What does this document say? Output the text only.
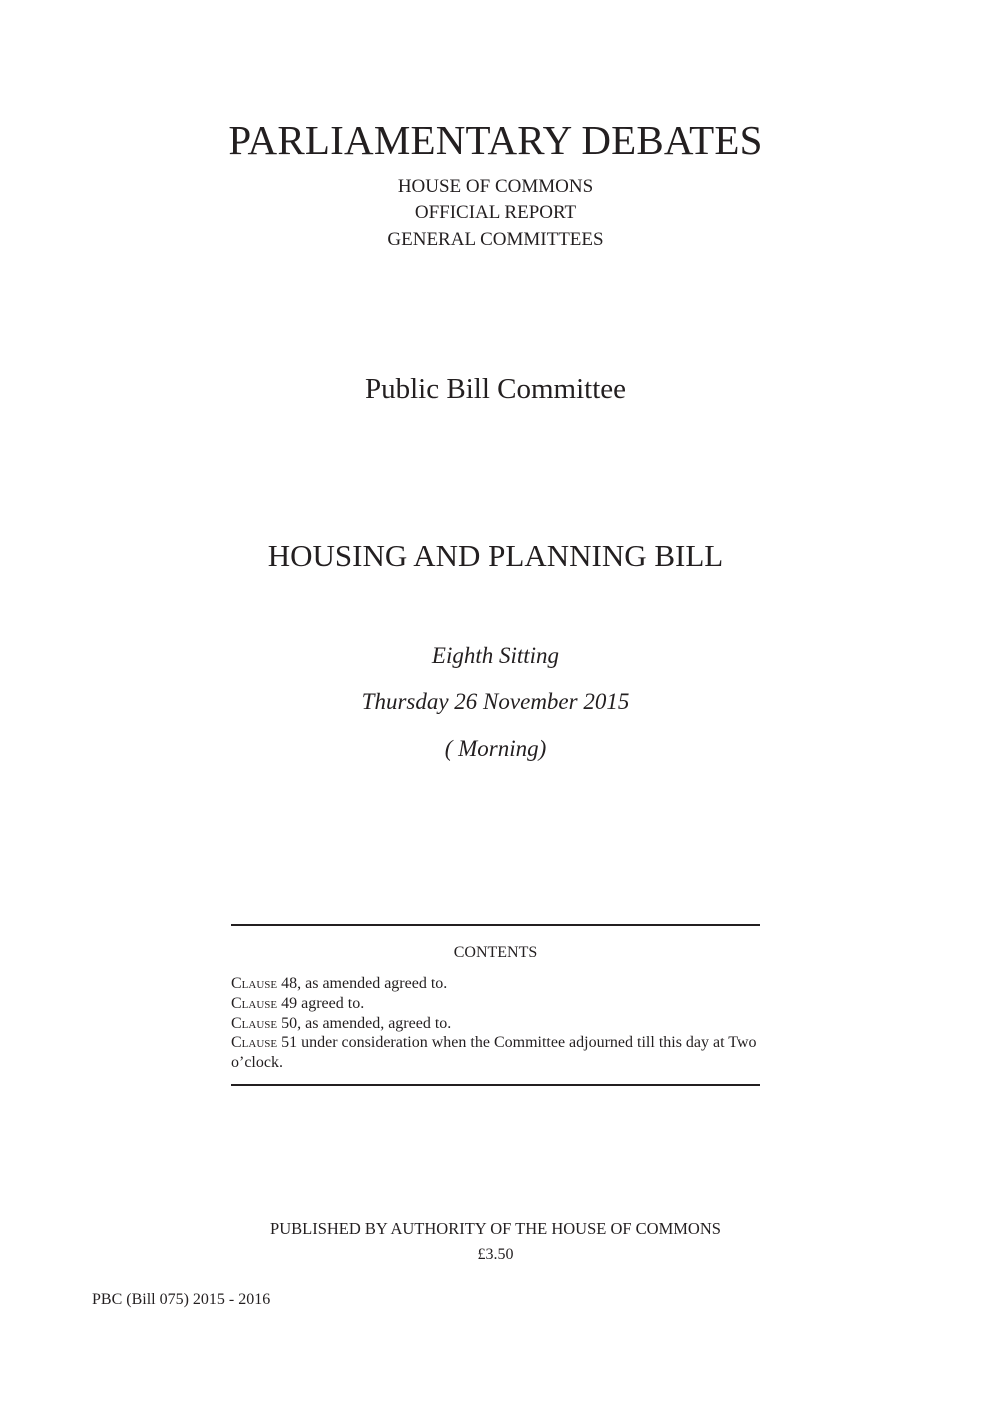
PARLIAMENTARY DEBATES
HOUSE OF COMMONS
OFFICIAL REPORT
GENERAL COMMITTEES
Public Bill Committee
HOUSING AND PLANNING BILL
Eighth Sitting
Thursday 26 November 2015
( Morning)
CONTENTS
Clause 48, as amended agreed to.
Clause 49 agreed to.
Clause 50, as amended, agreed to.
Clause 51 under consideration when the Committee adjourned till this day at Two o’clock.
PUBLISHED BY AUTHORITY OF THE HOUSE OF COMMONS
£3.50
PBC (Bill 075) 2015 - 2016
